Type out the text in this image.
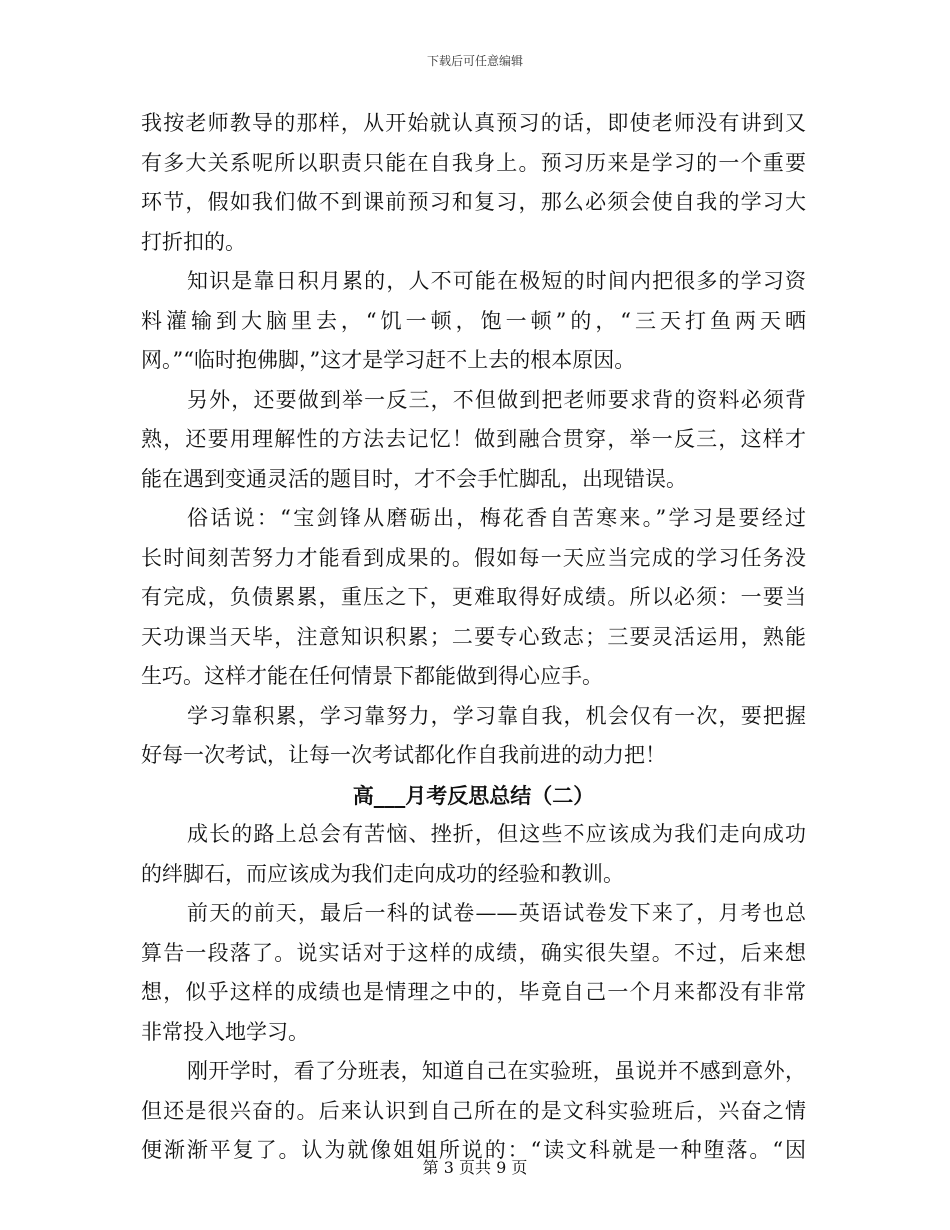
下载后可任意编辑
我按老师教导的那样，从开始就认真预习的话，即使老师没有讲到又
有多大关系呢所以职责只能在自我身上。预习历来是学习的一个重要
环节，假如我们做不到课前预习和复习，那么必须会使自我的学习大
打折扣的。
知识是靠日积月累的，人不可能在极短的时间内把很多的学习资
料灌输到大脑里去，“饥一顿，饱一顿”的，“三天打鱼两天晒
网。”“临时抱佛脚，”这才是学习赶不上去的根本原因。
另外，还要做到举一反三，不但做到把老师要求背的资料必须背
熟，还要用理解性的方法去记忆！做到融合贯穿，举一反三，这样才
能在遇到变通灵活的题目时，才不会手忙脚乱，出现错误。
俗话说：“宝剑锋从磨砺出，梅花香自苦寒来。”学习是要经过
长时间刻苦努力才能看到成果的。假如每一天应当完成的学习任务没
有完成，负债累累，重压之下，更难取得好成绩。所以必须：一要当
天功课当天毕，注意知识积累；二要专心致志；三要灵活运用，熟能
生巧。这样才能在任何情景下都能做到得心应手。
学习靠积累，学习靠努力，学习靠自我，机会仅有一次，要把握
好每一次考试，让每一次考试都化作自我前进的动力把！
高___月考反思总结（二）
成长的路上总会有苦恼、挫折，但这些不应该成为我们走向成功
的绊脚石，而应该成为我们走向成功的经验和教训。
前天的前天，最后一科的试卷——英语试卷发下来了，月考也总
算告一段落了。说实话对于这样的成绩，确实很失望。不过，后来想
想，似乎这样的成绩也是情理之中的，毕竟自己一个月来都没有非常
非常投入地学习。
刚开学时，看了分班表，知道自己在实验班，虽说并不感到意外，
但还是很兴奋的。后来认识到自己所在的是文科实验班后，兴奋之情
便渐渐平复了。认为就像姐姐所说的：“读文科就是一种堕落。“因
第 3 页共 9 页
